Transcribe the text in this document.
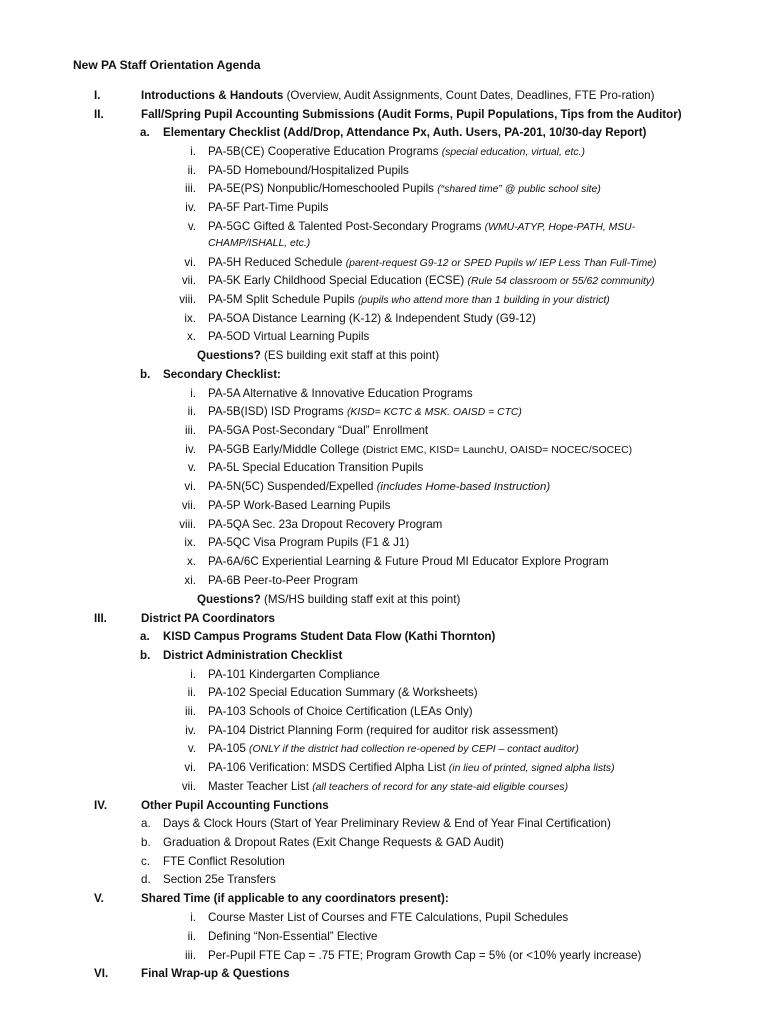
New PA Staff Orientation Agenda
I.	Introductions & Handouts (Overview, Audit Assignments, Count Dates, Deadlines, FTE Pro-ration)
II.	Fall/Spring Pupil Accounting Submissions (Audit Forms, Pupil Populations, Tips from the Auditor)
a. Elementary Checklist (Add/Drop, Attendance Px, Auth. Users, PA-201, 10/30-day Report)
i. PA-5B(CE) Cooperative Education Programs (special education, virtual, etc.)
ii. PA-5D Homebound/Hospitalized Pupils
iii. PA-5E(PS) Nonpublic/Homeschooled Pupils (“shared time” @ public school site)
iv. PA-5F Part-Time Pupils
v. PA-5GC Gifted & Talented Post-Secondary Programs (WMU-ATYP, Hope-PATH, MSU-
CHAMP/ISHALL, etc.)
vi. PA-5H Reduced Schedule (parent-request G9-12 or SPED Pupils w/ IEP Less Than Full-Time)
vii. PA-5K Early Childhood Special Education (ECSE) (Rule 54 classroom or 55/62 community)
viii. PA-5M Split Schedule Pupils (pupils who attend more than 1 building in your district)
ix. PA-5OA Distance Learning (K-12) & Independent Study (G9-12)
x. PA-5OD Virtual Learning Pupils
Questions? (ES building exit staff at this point)
b. Secondary Checklist:
i. PA-5A Alternative & Innovative Education Programs
ii. PA-5B(ISD) ISD Programs (KISD= KCTC & MSK. OAISD = CTC)
iii. PA-5GA Post-Secondary “Dual” Enrollment
iv. PA-5GB Early/Middle College (District EMC, KISD= LaunchU, OAISD= NOCEC/SOCEC)
v. PA-5L Special Education Transition Pupils
vi. PA-5N(5C) Suspended/Expelled (includes Home-based Instruction)
vii. PA-5P Work-Based Learning Pupils
viii. PA-5QA Sec. 23a Dropout Recovery Program
ix. PA-5QC Visa Program Pupils (F1 & J1)
x. PA-6A/6C Experiential Learning & Future Proud MI Educator Explore Program
xi. PA-6B Peer-to-Peer Program
Questions? (MS/HS building staff exit at this point)
III.	District PA Coordinators
a. KISD Campus Programs Student Data Flow (Kathi Thornton)
b. District Administration Checklist
i. PA-101 Kindergarten Compliance
ii. PA-102 Special Education Summary (& Worksheets)
iii. PA-103 Schools of Choice Certification (LEAs Only)
iv. PA-104 District Planning Form (required for auditor risk assessment)
v. PA-105 (ONLY if the district had collection re-opened by CEPI – contact auditor)
vi. PA-106 Verification: MSDS Certified Alpha List (in lieu of printed, signed alpha lists)
vii. Master Teacher List (all teachers of record for any state-aid eligible courses)
IV.	Other Pupil Accounting Functions
a. Days & Clock Hours (Start of Year Preliminary Review & End of Year Final Certification)
b. Graduation & Dropout Rates (Exit Change Requests & GAD Audit)
c. FTE Conflict Resolution
d. Section 25e Transfers
V.	Shared Time (if applicable to any coordinators present):
i. Course Master List of Courses and FTE Calculations, Pupil Schedules
ii. Defining “Non-Essential” Elective
iii. Per-Pupil FTE Cap = .75 FTE; Program Growth Cap = 5% (or <10% yearly increase)
VI.	Final Wrap-up & Questions
